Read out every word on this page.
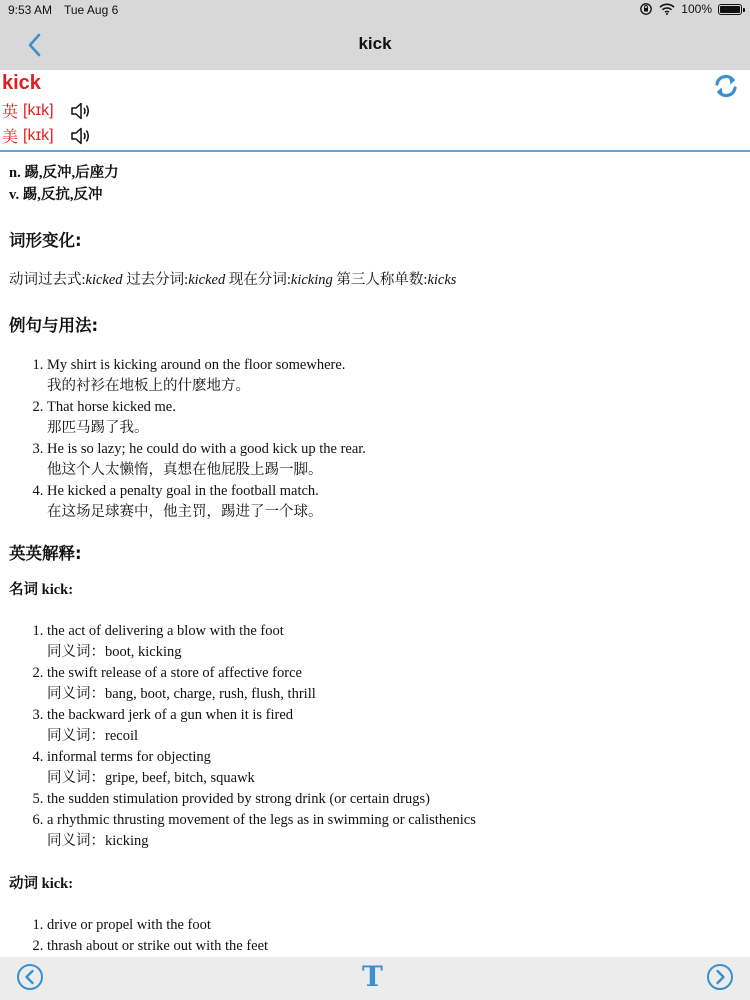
9:53 AM Tue Aug 6	100%
kick
kick
英 [kɪk]
美 [kɪk]
n. 踢,反冲,后座力
v. 踢,反抗,反冲
词形变化:
动词过去式:kicked 过去分词:kicked 现在分词:kicking 第三人称单数:kicks
例句与用法:
1. My shirt is kicking around on the floor somewhere.
我的衬衫在地板上的什麽地方。
2. That horse kicked me.
那匹马踢了我。
3. He is so lazy; he could do with a good kick up the rear.
他这个人太懒惰，真想在他屁股上踢一脚。
4. He kicked a penalty goal in the football match.
在这场足球赛中，他主罚，踢进了一个球。
英英解释:
名词 kick:
1. the act of delivering a blow with the foot
同义词：boot, kicking
2. the swift release of a store of affective force
同义词：bang, boot, charge, rush, flush, thrill
3. the backward jerk of a gun when it is fired
同义词：recoil
4. informal terms for objecting
同义词：gripe, beef, bitch, squawk
5. the sudden stimulation provided by strong drink (or certain drugs)
6. a rhythmic thrusting movement of the legs as in swimming or calisthenics
同义词：kicking
动词 kick:
1. drive or propel with the foot
2. thrash about or strike out with the feet
T
